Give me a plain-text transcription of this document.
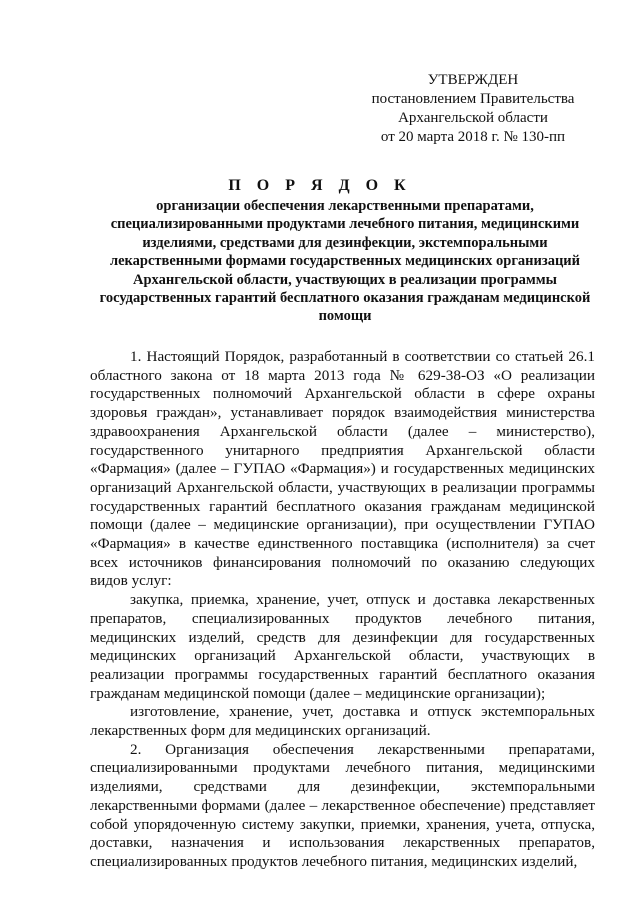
УТВЕРЖДЕН
постановлением Правительства
Архангельской области
от 20 марта 2018 г. № 130-пп
П О Р Я Д О К
организации обеспечения лекарственными препаратами, специализированными продуктами лечебного питания, медицинскими изделиями, средствами для дезинфекции, экстемпоральными лекарственными формами государственных медицинских организаций Архангельской области, участвующих в реализации программы государственных гарантий бесплатного оказания гражданам медицинской помощи

1. Настоящий Порядок, разработанный в соответствии со статьей 26.1 областного закона от 18 марта 2013 года № 629-38-ОЗ «О реализации государственных полномочий Архангельской области в сфере охраны здоровья граждан», устанавливает порядок взаимодействия министерства здравоохранения Архангельской области (далее – министерство), государственного унитарного предприятия Архангельской области «Фармация» (далее – ГУПАО «Фармация») и государственных медицинских организаций Архангельской области, участвующих в реализации программы государственных гарантий бесплатного оказания гражданам медицинской помощи (далее – медицинские организации), при осуществлении ГУПАО «Фармация» в качестве единственного поставщика (исполнителя) за счет всех источников финансирования полномочий по оказанию следующих видов услуг:

закупка, приемка, хранение, учет, отпуск и доставка лекарственных препаратов, специализированных продуктов лечебного питания, медицинских изделий, средств для дезинфекции для государственных медицинских организаций Архангельской области, участвующих в реализации программы государственных гарантий бесплатного оказания гражданам медицинской помощи (далее – медицинские организации);

изготовление, хранение, учет, доставка и отпуск экстемпоральных лекарственных форм для медицинских организаций.

2. Организация обеспечения лекарственными препаратами, специализированными продуктами лечебного питания, медицинскими изделиями, средствами для дезинфекции, экстемпоральными лекарственными формами (далее – лекарственное обеспечение) представляет собой упорядоченную систему закупки, приемки, хранения, учета, отпуска, доставки, назначения и использования лекарственных препаратов, специализированных продуктов лечебного питания, медицинских изделий,
